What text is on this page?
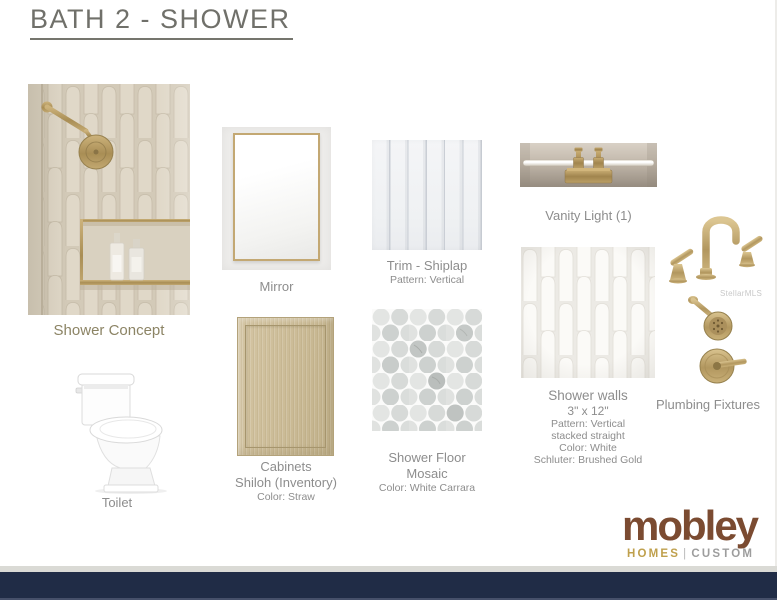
BATH 2 - SHOWER
Shower Concept
Toilet
Mirror
Cabinets
Shiloh (Inventory)
Color: Straw
Trim - Shiplap
Pattern: Vertical
Shower Floor
Mosaic
Color: White Carrara
Vanity Light (1)
Shower walls
3" x 12"
Pattern: Vertical
stacked straight
Color: White
Schluter: Brushed Gold
StellarMLS
Plumbing Fixtures
mobley
HOMES | CUSTOM
